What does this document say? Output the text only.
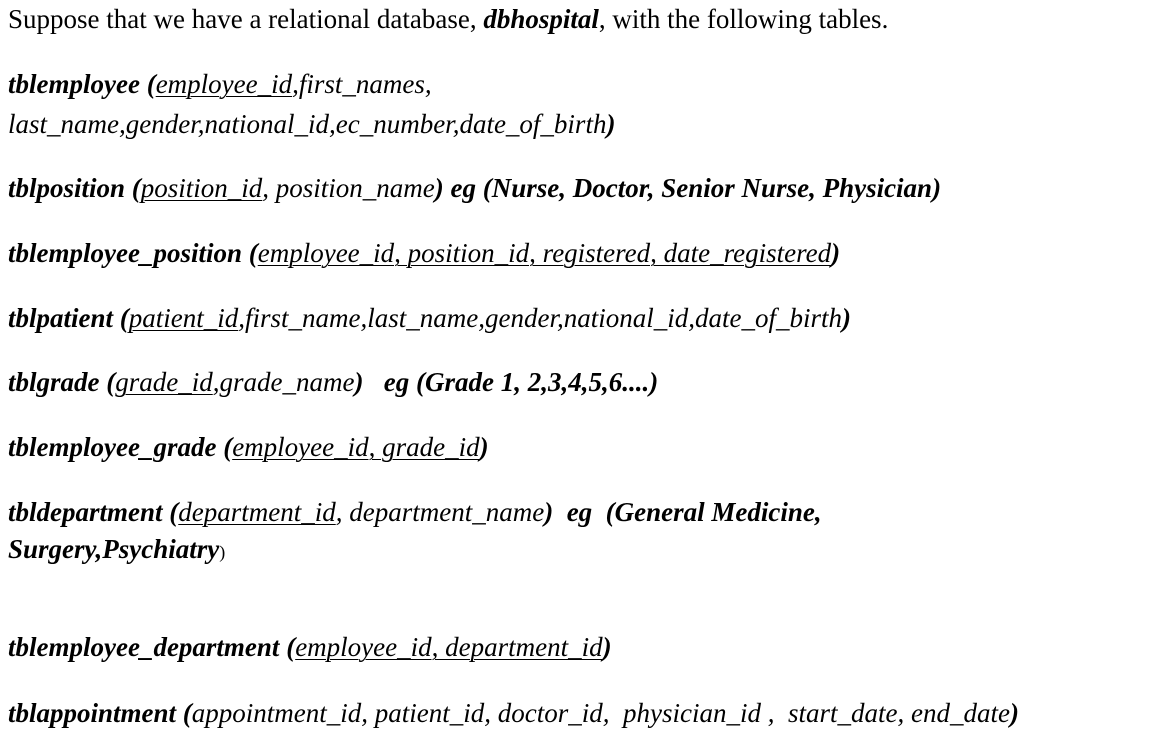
Suppose that we have a relational database, dbhospital, with the following tables.
tblemployee (employee_id,first_names,
last_name,gender,national_id,ec_number,date_of_birth)
tblposition (position_id, position_name) eg (Nurse, Doctor, Senior Nurse, Physician)
tblemployee_position (employee_id, position_id, registered, date_registered)
tblpatient (patient_id,first_name,last_name,gender,national_id,date_of_birth)
tblgrade (grade_id,grade_name)   eg (Grade 1, 2,3,4,5,6....)
tblemployee_grade (employee_id, grade_id)
tbldepartment (department_id, department_name)  eg  (General Medicine,
Surgery,Psychiatry)
tblemployee_department (employee_id, department_id)
tblappointment (appointment_id, patient_id, doctor_id,  physician_id ,  start_date, end_date)
